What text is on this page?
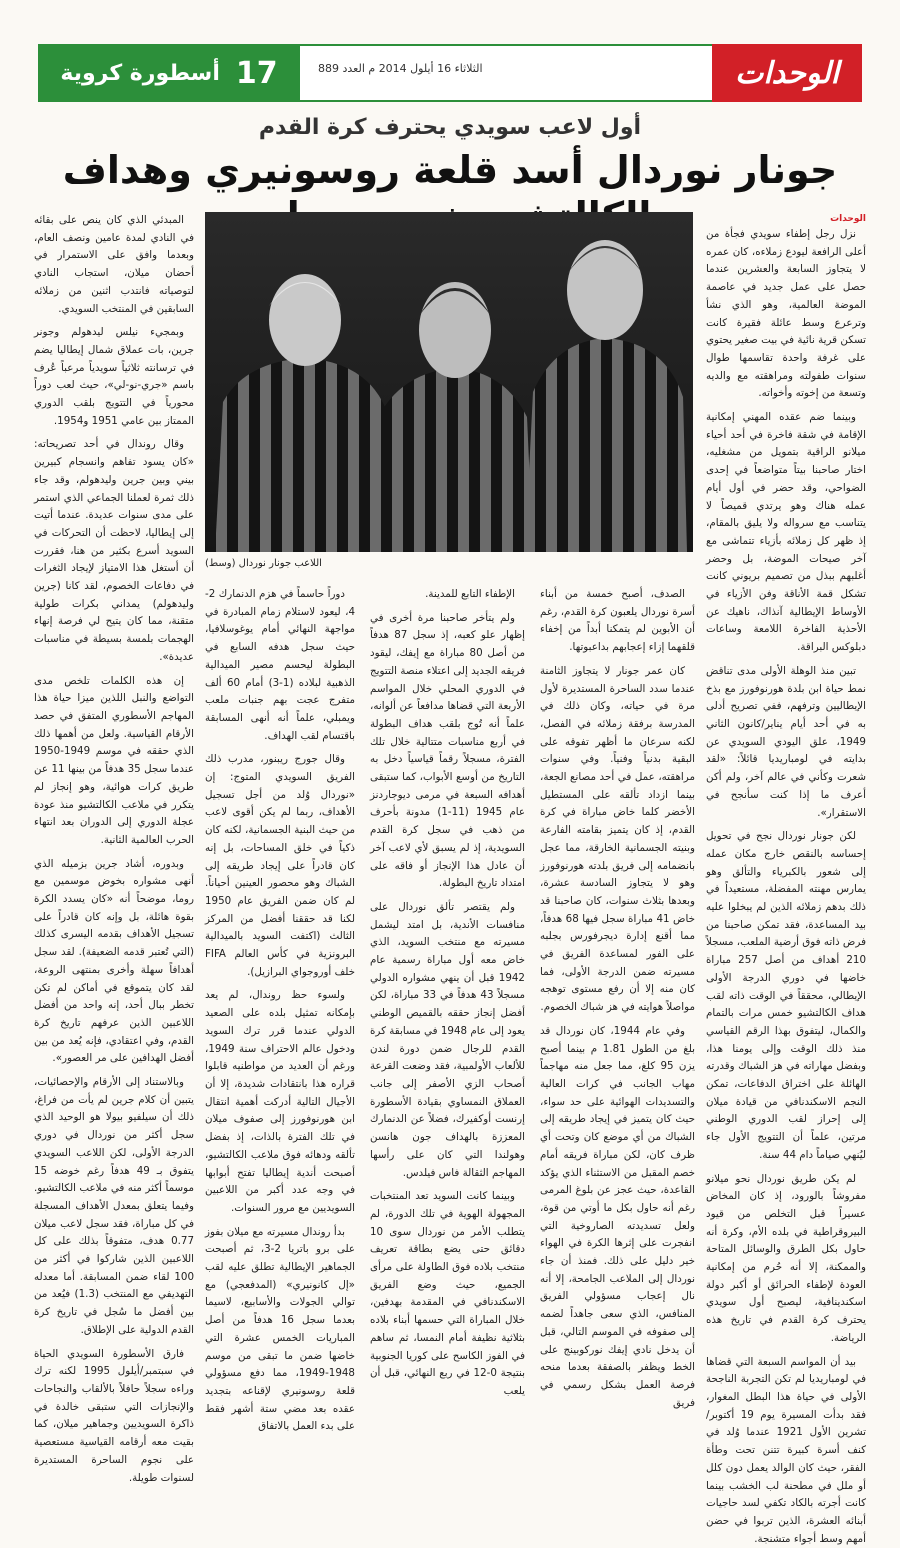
17
أسطورة كروية	الثلاثاء 16 أيلول 2014 م العدد 889	الوحدات
أول لاعب سويدي يحترف كرة القدم
جونار نوردال أسد قلعة روسونيري وهداف
اللاعب جونار نوردال (وسط)
الوحدات

نزل رجل إطفاء سويدي فجأة من أعلى الرافعة ليودع زملاءه، كان عمره لا يتجاوز السابعة والعشرين عندما حصل على عمل جديد في عاصمة الموضة العالمية، وهو الذي نشأ وترعرع وسط عائلة فقيرة كانت تسكن قرية نائية في بيت صغير يحتوي على غرفة واحدة تقاسمها طوال سنوات طفولته ومراهقته مع والديه وتسعة من إخوته وأخواته.

وبينما ضم عقده المهني إمكانية الإقامة في شقة فاخرة في أحد أحياء ميلانو الراقية بتمويل من مشغليه، اختار صاحبنا بيتاً متواضعاً في إحدى الضواحي، وقد حضر في أول أيام عمله هناك وهو يرتدي قميصاً لا يتناسب مع سرواله ولا يليق بالمقام، إذ ظهر كل زملائه بأزياء تتماشى مع آخر صيحات الموضة، بل وحضر أغلبهم ببذل من تصميم بريوني كانت تشكل قمة الأناقة وفن الأزياء في الأوساط الإيطالية آنذاك، ناهيك عن الأحذية الفاخرة اللامعة وساعات دبلوكس البراقة.

تبين منذ الوهلة الأولى مدى تناقض نمط حياة ابن بلدة هورنوفورز مع بذخ الإيطاليين وترفهم، ففي تصريح أدلى به في أحد أيام يناير/كانون الثاني 1949، علق اليودي السويدي عن بدايته في لومباريديا قائلاً: «لقد شعرت وكأني في عالم آخر، ولم أكن أعرف ما إذا كنت سأنجح في الاستقرار».

لكن جونار نوردال نجح في تحويل إحساسه بالنقص خارج مكان عمله إلى شعور بالكبرياء والتألق وهو يمارس مهنته المفضلة، مستعيداً في ذلك بدهم زملائه الذين لم يبخلوا عليه بيد المساعدة، فقد تمكن صاحبنا من فرض ذاته فوق أرضية الملعب، مسجلاً 210 أهداف من أصل 257 مباراة خاضها في دوري الدرجة الأولى الإيطالي، محققاً في الوقت ذاته لقب هداف الكالتشيو خمس مرات بالتمام والكمال، ليتفوق بهذا الرقم القياسي منذ ذلك الوقت وإلى يومنا هذا، وبفضل مهاراته في هز الشباك وقدرته الهائلة على اختراق الدفاعات، تمكن النجم الاسكندنافي من قيادة ميلان إلى إحراز لقب الدوري الوطني مرتين، علماً أن التتويج الأول جاء ليُنهي صياماً دام 44 سنة.

لم يكن طريق نوردال نحو ميلانو مفروشاً بالورود، إذ كان المخاض عسيراً قبل التخلص من قيود البيروقراطية في بلده الأم، وكرة أنه حاول بكل الطرق والوسائل المتاحة والممكنة، إلا أنه حُرم من إمكانية العودة لإطفاء الحرائق أو أكبر دولة اسكندينافية، ليصبح أول سويدي يحترف كرة القدم في تاريخ هذه الرياضة.

بيد أن المواسم السبعة التي قضاها في لومباريديا لم تكن التجربة الناجحة الأولى في حياة هذا البطل المغوار، فقد بدأت المسيرة يوم 19 أكتوبر/تشرين الأول 1921 عندما وُلد في كنف أسرة كبيرة تتنن تحت وطأة الفقر، حيث كان الوالد يعمل دون كلل أو ملل في مطحنة لب الخشب بينما كانت أجرته بالكاد تكفي لسد حاجيات أبنائه العشرة، الذين تربوا في حضن أمهم وسط أجواء متشنجة.

المبدئي الذي كان ينص على بقائه في النادي لمدة عامين ونصف العام، وبعدما وافق على الاستمرار في أحضان ميلان، استجاب النادي لتوصياته فانتدب اثنين من زملائه السابقين في المنتخب السويدي.

وبمجيء نيلس ليدهولم وجونر جرين، بات عملاق شمال إيطاليا يضم في ترسانته ثلاثياً سويدياً مرعباً عُرف باسم «جري-نو-لي»، حيث لعب دوراً محورياً في التتويج بلقب الدوري الممتاز بين عامي 1951 و1954.

وقال روندال في أحد تصريحاته: «كان يسود تفاهم وانسجام كبيرين بيني وبين جرين وليدهولم، وقد جاء ذلك ثمرة لعملنا الجماعي الذي استمر على مدى سنوات عديدة. عندما أتيت إلى إيطاليا، لاحظت أن التحركات في السويد أسرع بكثير من هنا، فقررت أن أستغل هذا الامتياز لإيجاد الثغرات في دفاعات الخصوم، لقد كانا (جرين وليدهولم) يمداني بكرات طولية متقنة، مما كان يتيح لي فرصة إنهاء الهجمات بلمسة بسيطة في مناسبات عديدة».

إن هذه الكلمات تلخص مدى التواضع والنبل اللذين ميزا حياة هذا المهاجم الأسطوري المتفق في حصد الأرقام القياسية. ولعل من أهمها ذلك الذي حققه في موسم 1949-1950 عندما سجل 35 هدفاً من بينها 11 عن طريق كرات هوائية، وهو إنجاز لم يتكرر في ملاعب الكالتشيو منذ عودة عجلة الدوري إلى الدوران بعد انتهاء الحرب العالمية الثانية.

وبدوره، أشاد جرين بزميله الذي أنهى مشواره بخوض موسمين مع روما، موضحاً أنه «كان يسدد الكرة بقوة هائلة، بل وإنه كان قادراً على تسجيل الأهداف بقدمه اليسرى كذلك (التي تُعتبر قدمه الضعيفة). لقد سجل أهدافاً سهلة وأخرى بمنتهى الروعة، لقد كان يتموقع في أماكن لم تكن تخطر ببال أحد، إنه واحد من أفضل اللاعبين الذين عرفهم تاريخ كرة القدم، وفي اعتقادي، فإنه يُعد من بين أفضل الهدافين على مر العصور».

وبالاستناد إلى الأرقام والإحصائيات، يتبين أن كلام جرين لم يأت من فراغ، ذلك أن سيلفيو بيولا هو الوحيد الذي سجل أكثر من نوردال في دوري الدرجة الأولى، لكن اللاعب السويدي يتفوق بـ 49 هدفاً رغم خوضه 15 موسماً أكثر منه في ملاعب الكالتشيو. وفيما يتعلق بمعدل الأهداف المسجلة في كل مباراة، فقد سجل لاعب ميلان 0.77 هدف، متفوقاً بذلك على كل اللاعبين الذين شاركوا في أكثر من 100 لقاء ضمن المسابقة. أما معدله التهديفي مع المنتخب (1.3) فيُعد من بين أفضل ما سُجل في تاريخ كرة القدم الدولية على الإطلاق.

فارق الأسطورة السويدي الحياة في سبتمبر/أيلول 1995 لكنه ترك وراءه سجلاً حافلاً بالألقاب والنجاحات والإنجازات التي ستبقى خالدة في ذاكرة السويديين وجماهير ميلان، كما بقيت معه أرقامه القياسية مستعصية على نجوم الساحرة المستديرة لسنوات طويلة.

دوراً حاسماً في هزم الدنمارك 2-4، ليعود لاستلام زمام المبادرة في مواجهة النهائي أمام يوغوسلافيا، حيث سجل هدفه السابع في البطولة ليحسم مصير الميدالية الذهبية لبلاده (1-3) أمام 60 ألف متفرج عجت بهم جنبات ملعب ويمبلي، علماً أنه أنهى المسابقة باقتسام لقب الهداف.

وقال جورج ريبنور، مدرب ذلك الفريق السويدي المتوج: إن «نوردال وُلد من أجل تسجيل الأهداف، ربما لم يكن أقوى لاعب من حيث البنية الجسمانية، لكنه كان ذكياً في خلق المساحات، بل إنه كان قادراً على إيجاد طريقه إلى الشباك وهو محصور العينين أحياناً. لم كان ضمن الفريق عام 1950 لكنا قد حققنا أفضل من المركز الثالث (اكتفت السويد بالميدالية البرونزية في كأس العالم FIFA خلف أوروجواي البرازيل).

ولسوء حظ روندال، لم يعد بإمكانه تمثيل بلده على الصعيد الدولي عندما قرر ترك السويد ودخول عالم الاحتراف سنة 1949، ورغم أن العديد من مواطنيه قابلوا قراره هذا بانتقادات شديدة، إلا أن الأجيال التالية أدركت أهمية انتقال ابن هورنوفورز إلى صفوف ميلان في تلك الفترة بالذات، إذ بفضل تألقه ودهائه فوق ملاعب الكالتشيو، أصبحت أندية إيطاليا تفتح أبوابها في وجه عدد أكبر من اللاعبين السويديين مع مرور السنوات.

بدأ روندال مسيرته مع ميلان بفوز على برو باتريا 2-3، ثم أصبحت الجماهير الإيطالية تطلق عليه لقب «إل كانونيري» (المدفعجي) مع توالي الجولات والأسابيع، لاسيما بعدما سجل 16 هدفاً من أصل المباريات الخمس عشرة التي خاضها ضمن ما تبقى من موسم 1948-1949، مما دفع مسؤولي قلعة روسونيري لإقناعه بتجديد عقده بعد مضي ستة أشهر فقط على بدء العمل بالاتفاق

الإطفاء التابع للمدينة.

ولم يتأخر صاحبنا مرة أخرى في إظهار علو كعبه، إذ سجل 87 هدفاً من أصل 80 مباراة مع إيفك، ليقود فريقه الجديد إلى اعتلاء منصة التتويج في الدوري المحلي خلال المواسم الأربعة التي قضاها مدافعاً عن ألوانه، علماً أنه تُوج بلقب هداف البطولة في أربع مناسبات متتالية خلال تلك الفترة، مسجلاً رقماً قياسياً دخل به التاريخ من أوسع الأبواب، كما ستبقى أهدافه السبعة في مرمى ديوجاردنز عام 1945 (11-1) مدونة بأحرف من ذهب في سجل كرة القدم السويدية، إذ لم يسبق لأي لاعب آخر أن عادل هذا الإنجاز أو فاقه على امتداد تاريخ البطولة.

ولم يقتصر تألق نوردال على منافسات الأندية، بل امتد ليشمل مسيرته مع منتخب السويد، الذي خاض معه أول مباراة رسمية عام 1942 قبل أن ينهي مشواره الدولي مسجلاً 43 هدفاً في 33 مباراة، لكن أفضل إنجاز حققه بالقميص الوطني يعود إلى عام 1948 في مسابقة كرة القدم للرجال ضمن دورة لندن للألعاب الأولمبية، فقد وضعت القرعة أصحاب الزي الأصفر إلى جانب العملاق النمساوي بقيادة الأسطورة إرنست أوكفيرك، فضلاً عن الدنمارك المعززة بالهداف جون هانسن وهولندا التي كان على رأسها المهاجم الثقالة فاس فيلدس.

وبينما كانت السويد تعد المنتخبات المجهولة الهوية في تلك الدورة، لم يتطلب الأمر من نوردال سوى 10 دقائق حتى يضع بطاقة تعريف منتخب بلاده فوق الطاولة على مرأى الجميع، حيث وضع الفريق الاسكندنافي في المقدمة بهدفين، خلال المباراة التي حسمها أبناء بلاده بثلاثية نظيفة أمام النمسا، ثم ساهم في الفوز الكاسح على كوريا الجنوبية بنتيجة 0-12 في ربع النهائي، قبل أن يلعب

الصدف، أصبح خمسة من أبناء أسرة نوردال يلعبون كرة القدم، رغم أن الأبوين لم يتمكنا أبداً من إخفاء قلقهما إزاء إعجابهم بداعبوتها.

كان عمر جونار لا يتجاوز الثامنة عندما سدد الساحرة المستديرة لأول مرة في حياته، وكان ذلك في المدرسة برفقة زملائه في الفصل، لكنه سرعان ما أظهر تفوقه على البقية بدنياً وفنياً. وفي سنوات مراهقته، عمل في أحد مصانع الجعة، بينما ازداد تألقه على المستطيل الأخضر كلما خاض مباراة في كرة القدم، إذ كان يتميز بقامته الفارعة وبنيته الجسمانية الخارقة، مما عجل بانضمامه إلى فريق بلدته هورنوفورز وهو لا يتجاوز السادسة عشرة، وبعدها بثلاث سنوات، كان صاحبنا قد خاض 41 مباراة سجل فيها 68 هدفاً، مما أقنع إدارة ديجرفورس بجلبه على الفور لمساعدة الفريق في مسيرته ضمن الدرجة الأولى، فما كان منه إلا أن رفع مستوى توهجه مواصلاً هوايته في هز شباك الخصوم.

وفي عام 1944، كان نوردال قد بلغ من الطول 1.81 م بينما أصبح يزن 95 كلغ، مما جعل منه مهاجماً مهاب الجانب في كرات العالية والتسديدات الهوائية على حد سواء، حيث كان يتميز في إيجاد طريقه إلى الشباك من أي موضع كان وتحت أي ظرف كان، لكن مباراة فريقه أمام خصم المقبل من الاستثناء الذي يؤكد القاعدة، حيث عجز عن بلوغ المرمى رغم أنه حاول بكل ما أوتي من قوة، ولعل تسديدته الصاروخية التي انفجرت على إثرها الكرة في الهواء خير دليل على ذلك. فمنذ أن جاء نوردال إلى الملاعب الجامحة، إلا أنه نال إعجاب مسؤولي الفريق المنافس، الذي سعى جاهداً لضمه إلى صفوفه في الموسم التالي، قبل أن يدخل نادي إيفك نوركوبينج على الخط ويظفر بالصفقة بعدما منحه فرصة العمل بشكل رسمي في فريق
